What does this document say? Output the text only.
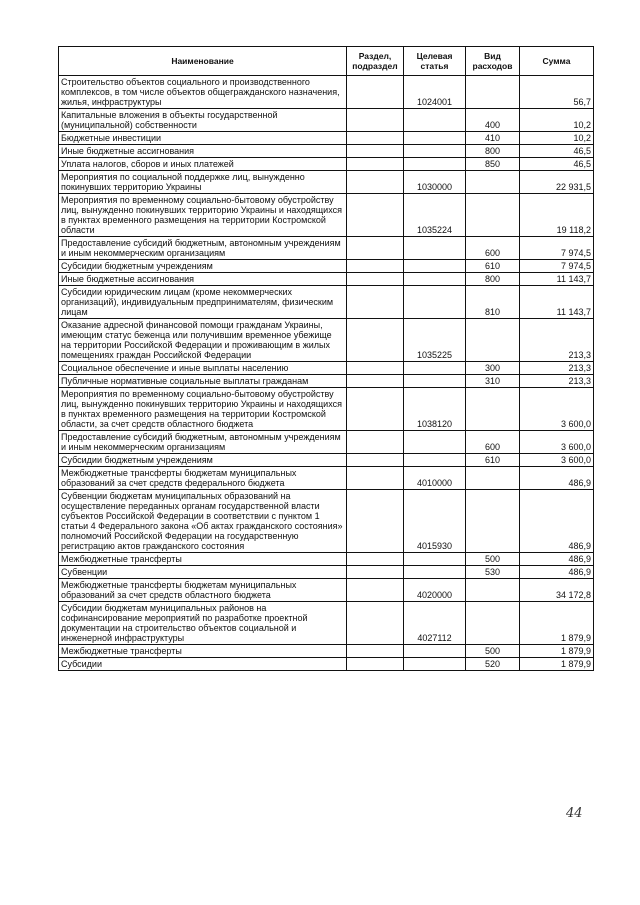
Наименование	Раздел, подраздел	Целевая статья	Вид расходов	Сумма
Строительство объектов социального и производственного комплексов, в том числе объектов общегражданского назначения, жилья, инфраструктуры		1024001		56,7
Капитальные вложения в объекты государственной (муниципальной) собственности			400	10,2
Бюджетные инвестиции			410	10,2
Иные бюджетные ассигнования			800	46,5
Уплата налогов, сборов и иных платежей			850	46,5
Мероприятия по социальной поддержке лиц, вынужденно покинувших территорию Украины		1030000		22 931,5
Мероприятия по временному социально-бытовому обустройству лиц, вынужденно покинувших территорию Украины и находящихся в пунктах временного размещения на территории Костромской области		1035224		19 118,2
Предоставление субсидий бюджетным, автономным учреждениям и иным некоммерческим организациям			600	7 974,5
Субсидии бюджетным учреждениям			610	7 974,5
Иные бюджетные ассигнования			800	11 143,7
Субсидии юридическим лицам (кроме некоммерческих организаций), индивидуальным предпринимателям, физическим лицам			810	11 143,7
Оказание адресной финансовой помощи гражданам Украины, имеющим статус беженца или получившим временное убежище на территории Российской Федерации и проживающим в жилых помещениях граждан Российской Федерации		1035225		213,3
Социальное обеспечение и иные выплаты населению			300	213,3
Публичные нормативные социальные выплаты гражданам			310	213,3
Мероприятия по временному социально-бытовому обустройству лиц, вынужденно покинувших территорию Украины и находящихся в пунктах временного размещения на территории Костромской области, за счет средств областного бюджета		1038120		3 600,0
Предоставление субсидий бюджетным, автономным учреждениям и иным некоммерческим организациям			600	3 600,0
Субсидии бюджетным учреждениям			610	3 600,0
Межбюджетные трансферты бюджетам муниципальных образований за счет средств федерального бюджета		4010000		486,9
Субвенции бюджетам муниципальных образований на осуществление переданных органам государственной власти субъектов Российской Федерации в соответствии с пунктом 1 статьи 4 Федерального закона «Об актах гражданского состояния» полномочий Российской Федерации на государственную регистрацию актов гражданского состояния		4015930		486,9
Межбюджетные трансферты			500	486,9
Субвенции			530	486,9
Межбюджетные трансферты бюджетам муниципальных образований за счет средств областного бюджета		4020000		34 172,8
Субсидии бюджетам муниципальных районов на софинансирование мероприятий по разработке проектной документации на строительство объектов социальной и инженерной инфраструктуры		4027112		1 879,9
Межбюджетные трансферты			500	1 879,9
Субсидии			520	1 879,9
44
